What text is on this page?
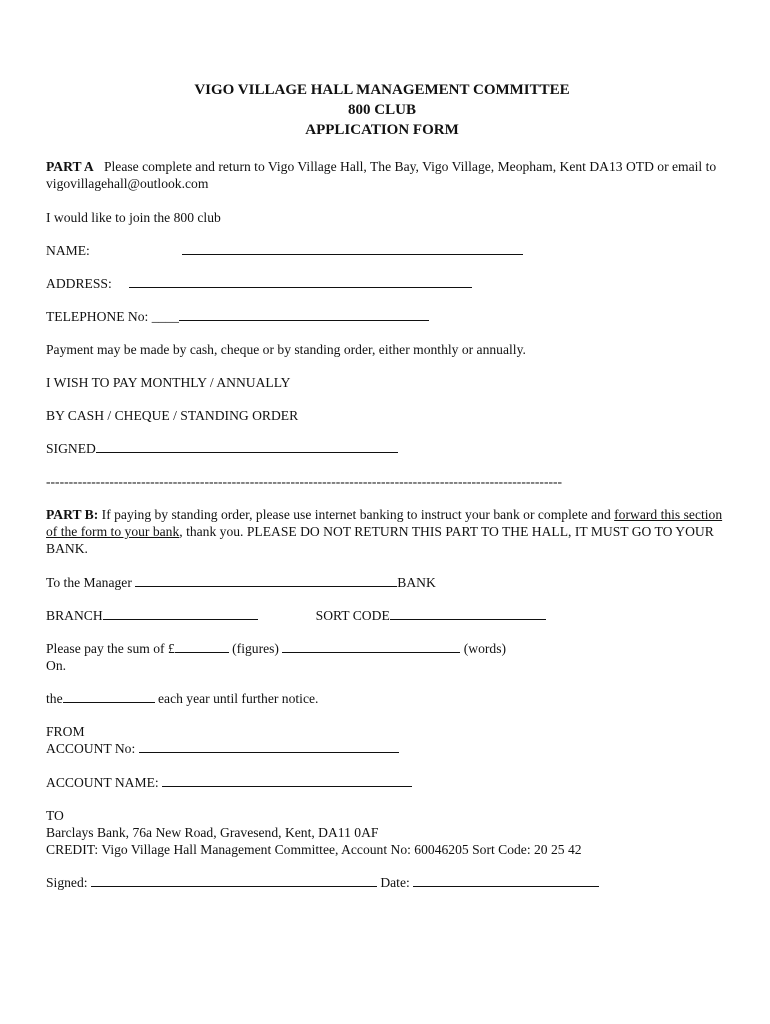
VIGO VILLAGE HALL MANAGEMENT COMMITTEE
800 CLUB
APPLICATION FORM

PART A Please complete and return to Vigo Village Hall, The Bay, Vigo Village, Meopham, Kent DA13 OTD or email to vigovillagehall@outlook.com

I would like to join the 800 club

NAME:

ADDRESS:

TELEPHONE No: ____

Payment may be made by cash, cheque or by standing order, either monthly or annually.

I WISH TO PAY MONTHLY / ANNUALLY

BY CASH / CHEQUE / STANDING ORDER

SIGNED

------------------------------------------------------------------------------------------------------------------

PART B: If paying by standing order, please use internet banking to instruct your bank or complete and forward this section of the form to your bank, thank you. PLEASE DO NOT RETURN THIS PART TO THE HALL, IT MUST GO TO YOUR BANK.

To the Manager	BANK

BRANCH	SORT CODE

Please pay the sum of £	(figures)	(words)
On.

the	each year until further notice.

FROM
ACCOUNT No:

ACCOUNT NAME:

TO
Barclays Bank, 76a New Road, Gravesend, Kent, DA11 0AF
CREDIT: Vigo Village Hall Management Committee, Account No: 60046205 Sort Code: 20 25 42

Signed:	Date:
